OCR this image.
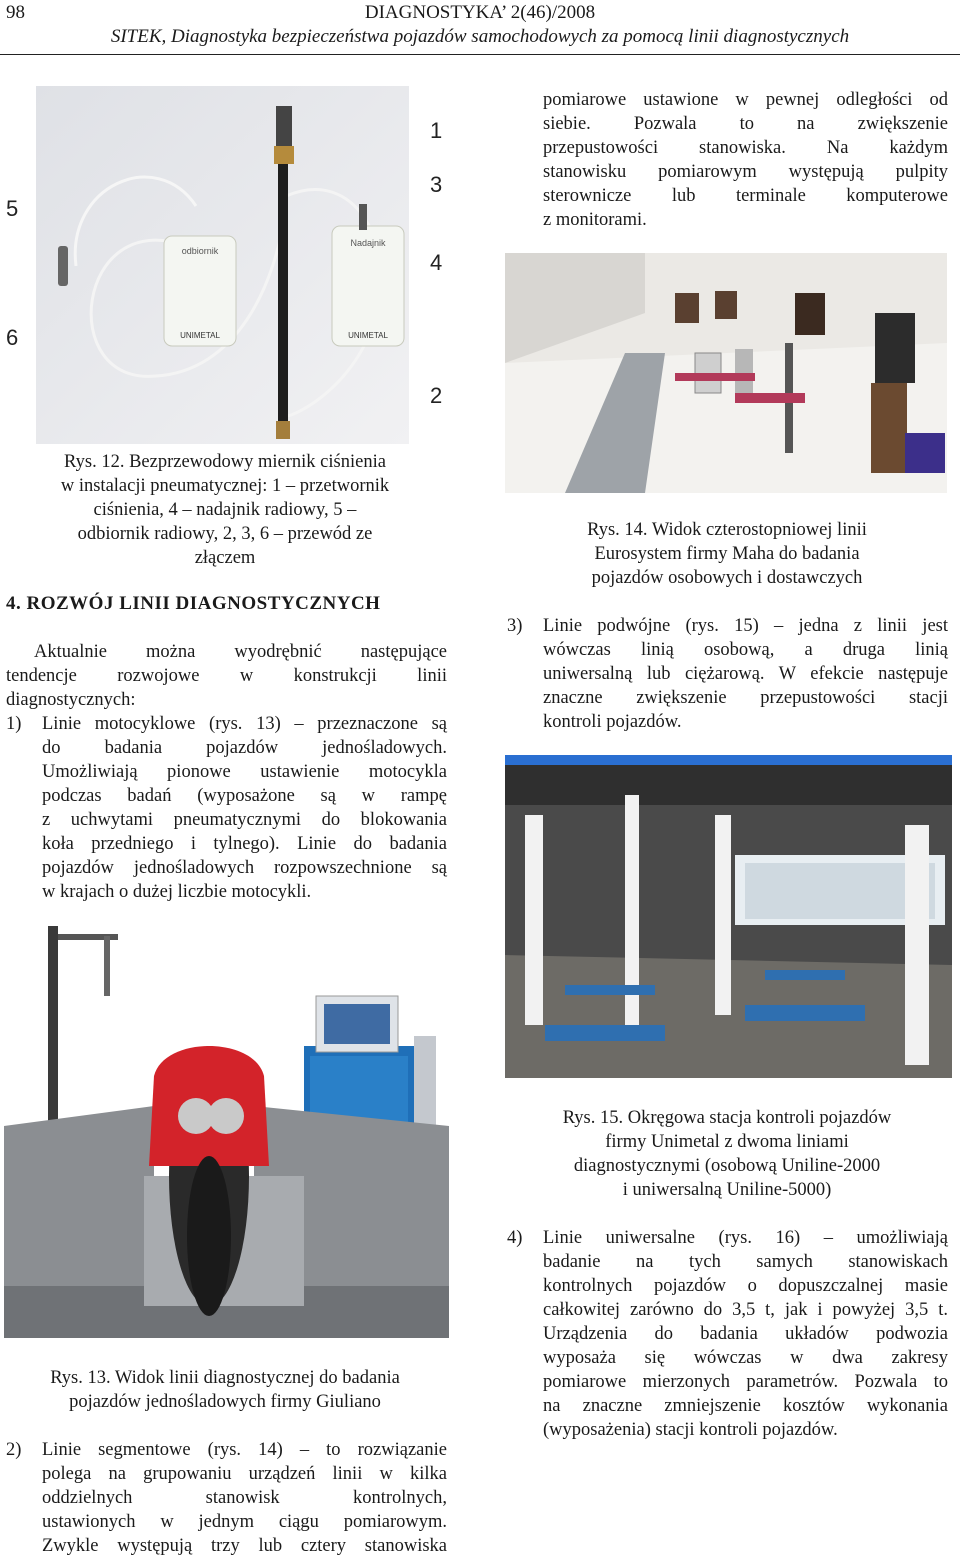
98	DIAGNOSTYKA’ 2(46)/2008
SITEK, Diagnostyka bezpieczeństwa pojazdów samochodowych za pomocą linii diagnostycznych
odbiornik
UNIMETAL
Nadajnik
UNIMETAL
1
3
4
2
5
6
Rys. 12. Bezprzewodowy miernik ciśnienia
w instalacji pneumatycznej: 1 – przetwornik
ciśnienia, 4 – nadajnik radiowy, 5 –
odbiornik radiowy, 2, 3, 6 – przewód ze
złączem
4. ROZWÓJ LINII DIAGNOSTYCZNYCH
Aktualnie można wyodrębnić następujące
tendencje rozwojowe w konstrukcji linii
diagnostycznych:
1) Linie motocyklowe (rys. 13) – przeznaczone są
do badania pojazdów jednośladowych.
Umożliwiają pionowe ustawienie motocykla
podczas badań (wyposażone są w rampę
z uchwytami pneumatycznymi do blokowania
koła przedniego i tylnego). Linie do badania
pojazdów jednośladowych rozpowszechnione są
w krajach o dużej liczbie motocykli.
Rys. 13. Widok linii diagnostycznej do badania
pojazdów jednośladowych firmy Giuliano
2) Linie segmentowe (rys. 14) – to rozwiązanie
polega na grupowaniu urządzeń linii w kilka
oddzielnych stanowisk kontrolnych,
ustawionych w jednym ciągu pomiarowym.
Zwykle występują trzy lub cztery stanowiska
pomiarowe ustawione w pewnej odległości od
siebie. Pozwala to na zwiększenie
przepustowości stanowiska. Na każdym
stanowisku pomiarowym występują pulpity
sterownicze lub terminale komputerowe
z monitorami.
Rys. 14. Widok czterostopniowej linii
Eurosystem firmy Maha do badania
pojazdów osobowych i dostawczych
3) Linie podwójne (rys. 15) – jedna z linii jest
wówczas linią osobową, a druga linią
uniwersalną lub ciężarową. W efekcie następuje
znaczne zwiększenie przepustowości stacji
kontroli pojazdów.
Rys. 15. Okręgowa stacja kontroli pojazdów
firmy Unimetal z dwoma liniami
diagnostycznymi (osobową Uniline-2000
i uniwersalną Uniline-5000)
4) Linie uniwersalne (rys. 16) – umożliwiają
badanie na tych samych stanowiskach
kontrolnych pojazdów o dopuszczalnej masie
całkowitej zarówno do 3,5 t, jak i powyżej 3,5 t.
Urządzenia do badania układów podwozia
wyposaża się wówczas w dwa zakresy
pomiarowe mierzonych parametrów. Pozwala to
na znaczne zmniejszenie kosztów wykonania
(wyposażenia) stacji kontroli pojazdów.
